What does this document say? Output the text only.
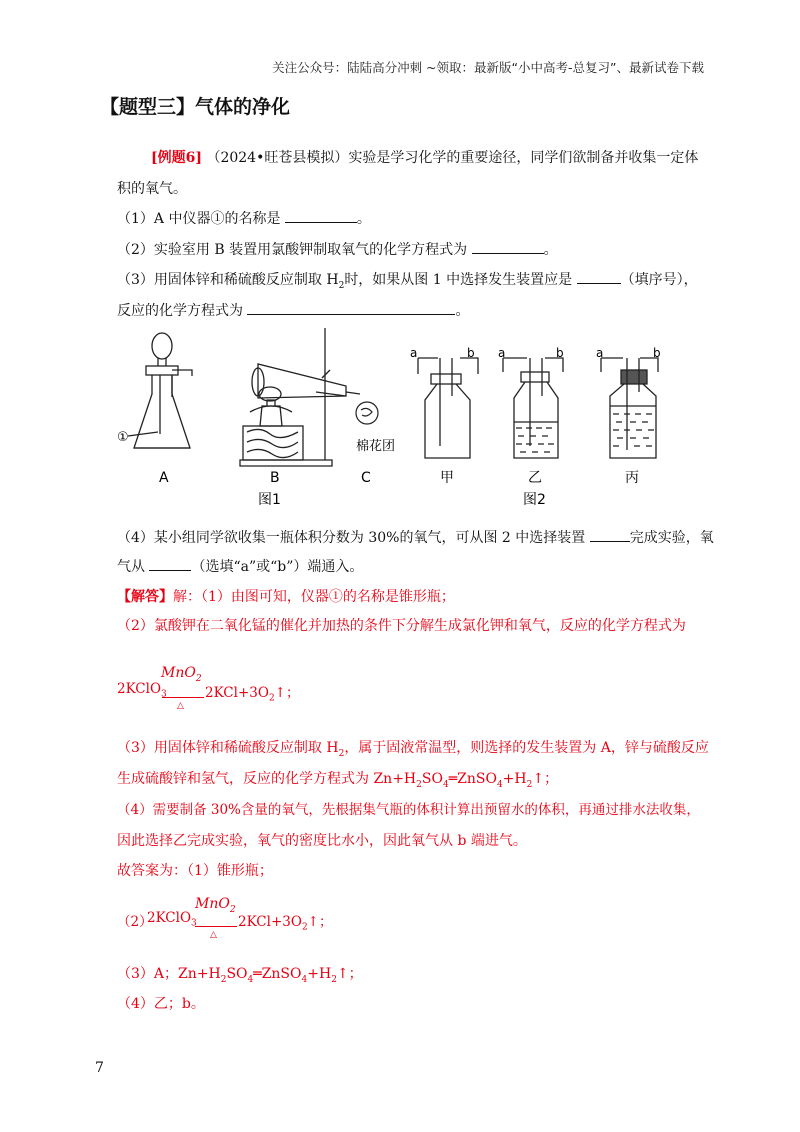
关注公众号：陆陆高分冲刺 ~领取：最新版“小中高考-总复习”、最新试卷下载
【题型三】气体的净化
[例题6] （2024•旺苍县模拟）实验是学习化学的重要途径，同学们欲制备并收集一定体
积的氧气。
（1）A 中仪器①的名称是	。
（2）实验室用 B 装置用氯酸钾制取氧气的化学方程式为	。
（3）用固体锌和稀硫酸反应制取 $H_2$时，如果从图 1 中选择发生装置应是	（填序号），
反应的化学方程式为	。
①
棉花团
a	b a	b	a	b
A	B	C	甲	乙	丙
图1	图2
（4）某小组同学欲收集一瓶体积分数为 30%的氧气，可从图 2 中选择装置	完成实验，氧
气从	（选填“a”或“b”）端通入。
【解答】解：（1）由图可知，仪器①的名称是锥形瓶；
（2）氯酸钾在二氧化锰的催化并加热的条件下分解生成氯化钾和氧气，反应的化学方程式为
2KClO$_3$
MnO$_2$
△
$2KCl+3O_2↑$；
（3）用固体锌和稀硫酸反应制取 $H_2$，属于固液常温型，则选择的发生装置为 A，锌与硫酸反应
生成硫酸锌和氢气，反应的化学方程式为 $Zn+H_2SO_4═ZnSO_4+H_2↑$；
（4）需要制备 30%含量的氧气，先根据集气瓶的体积计算出预留水的体积，再通过排水法收集，
因此选择乙完成实验，氧气的密度比水小，因此氧气从 b 端进气。
故答案为：（1）锥形瓶；
（2）
2KClO$_3$
MnO$_2$
△
$2KCl+3O_2↑$；
（3）A；$Zn+H_2SO_4═ZnSO_4+H_2↑$；
（4）乙；b。
7
